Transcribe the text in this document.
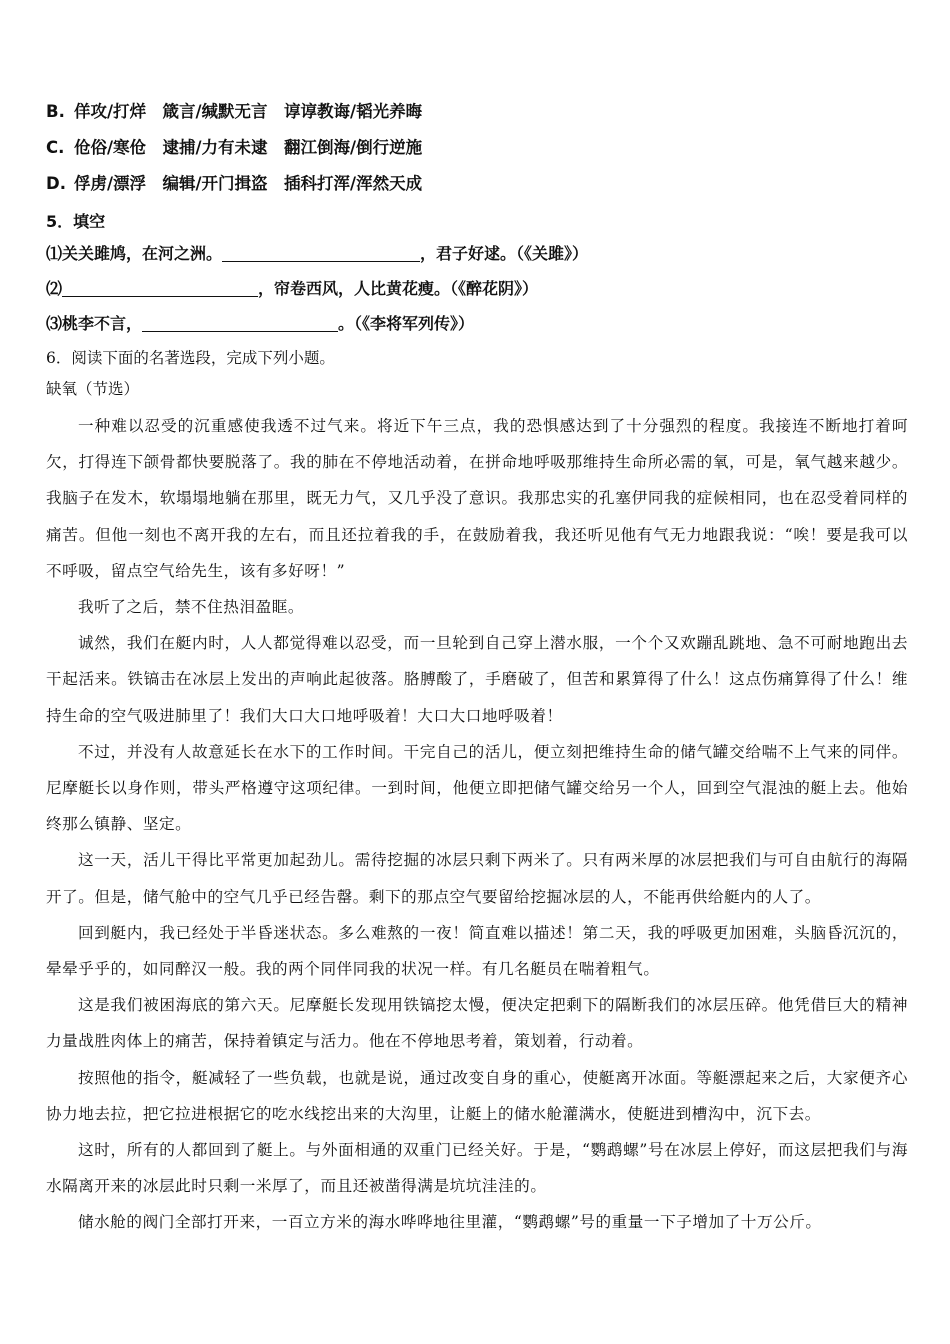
B. 佯攻/打烊　箴言/缄默无言　谆谆教诲/韬光养晦
C. 伧俗/寒伧　逮捕/力有未逮　翻江倒海/倒行逆施
D. 俘虏/漂浮　编辑/开门揖盗　插科打浑/浑然天成
5．填空
⑴关关雎鸠，在河之洲。	，君子好逑。（《关雎》）
⑵	，帘卷西风，人比黄花瘦。（《醉花阴》）
⑶桃李不言，	。（《李将军列传》）
6．阅读下面的名著选段，完成下列小题。
缺氧（节选）

一种难以忍受的沉重感使我透不过气来。将近下午三点，我的恐惧感达到了十分强烈的程度。我接连不断地打着呵欠，打得连下颌骨都快要脱落了。我的肺在不停地活动着，在拼命地呼吸那维持生命所必需的氧，可是，氧气越来越少。我脑子在发木，软塌塌地躺在那里，既无力气，又几乎没了意识。我那忠实的孔塞伊同我的症候相同，也在忍受着同样的痛苦。但他一刻也不离开我的左右，而且还拉着我的手，在鼓励着我，我还听见他有气无力地跟我说：“唉！要是我可以不呼吸，留点空气给先生，该有多好呀！”

我听了之后，禁不住热泪盈眶。

诚然，我们在艇内时，人人都觉得难以忍受，而一旦轮到自己穿上潜水服，一个个又欢蹦乱跳地、急不可耐地跑出去干起活来。铁镐击在冰层上发出的声响此起彼落。胳膊酸了，手磨破了，但苦和累算得了什么！这点伤痛算得了什么！维持生命的空气吸进肺里了！我们大口大口地呼吸着！大口大口地呼吸着！

不过，并没有人故意延长在水下的工作时间。干完自己的活儿，便立刻把维持生命的储气罐交给喘不上气来的同伴。尼摩艇长以身作则，带头严格遵守这项纪律。一到时间，他便立即把储气罐交给另一个人，回到空气混浊的艇上去。他始终那么镇静、坚定。

这一天，活儿干得比平常更加起劲儿。需待挖掘的冰层只剩下两米了。只有两米厚的冰层把我们与可自由航行的海隔开了。但是，储气舱中的空气几乎已经告罄。剩下的那点空气要留给挖掘冰层的人，不能再供给艇内的人了。

回到艇内，我已经处于半昏迷状态。多么难熬的一夜！简直难以描述！第二天，我的呼吸更加困难，头脑昏沉沉的，晕晕乎乎的，如同醉汉一般。我的两个同伴同我的状况一样。有几名艇员在喘着粗气。

这是我们被困海底的第六天。尼摩艇长发现用铁镐挖太慢，便决定把剩下的隔断我们的冰层压碎。他凭借巨大的精神力量战胜肉体上的痛苦，保持着镇定与活力。他在不停地思考着，策划着，行动着。

按照他的指令，艇减轻了一些负载，也就是说，通过改变自身的重心，使艇离开冰面。等艇漂起来之后，大家便齐心协力地去拉，把它拉进根据它的吃水线挖出来的大沟里，让艇上的储水舱灌满水，使艇进到槽沟中，沉下去。

这时，所有的人都回到了艇上。与外面相通的双重门已经关好。于是，“鹦鹉螺”号在冰层上停好，而这层把我们与海水隔离开来的冰层此时只剩一米厚了，而且还被凿得满是坑坑洼洼的。

储水舱的阀门全部打开来，一百立方米的海水哗哗地往里灌，“鹦鹉螺”号的重量一下子增加了十万公斤。
